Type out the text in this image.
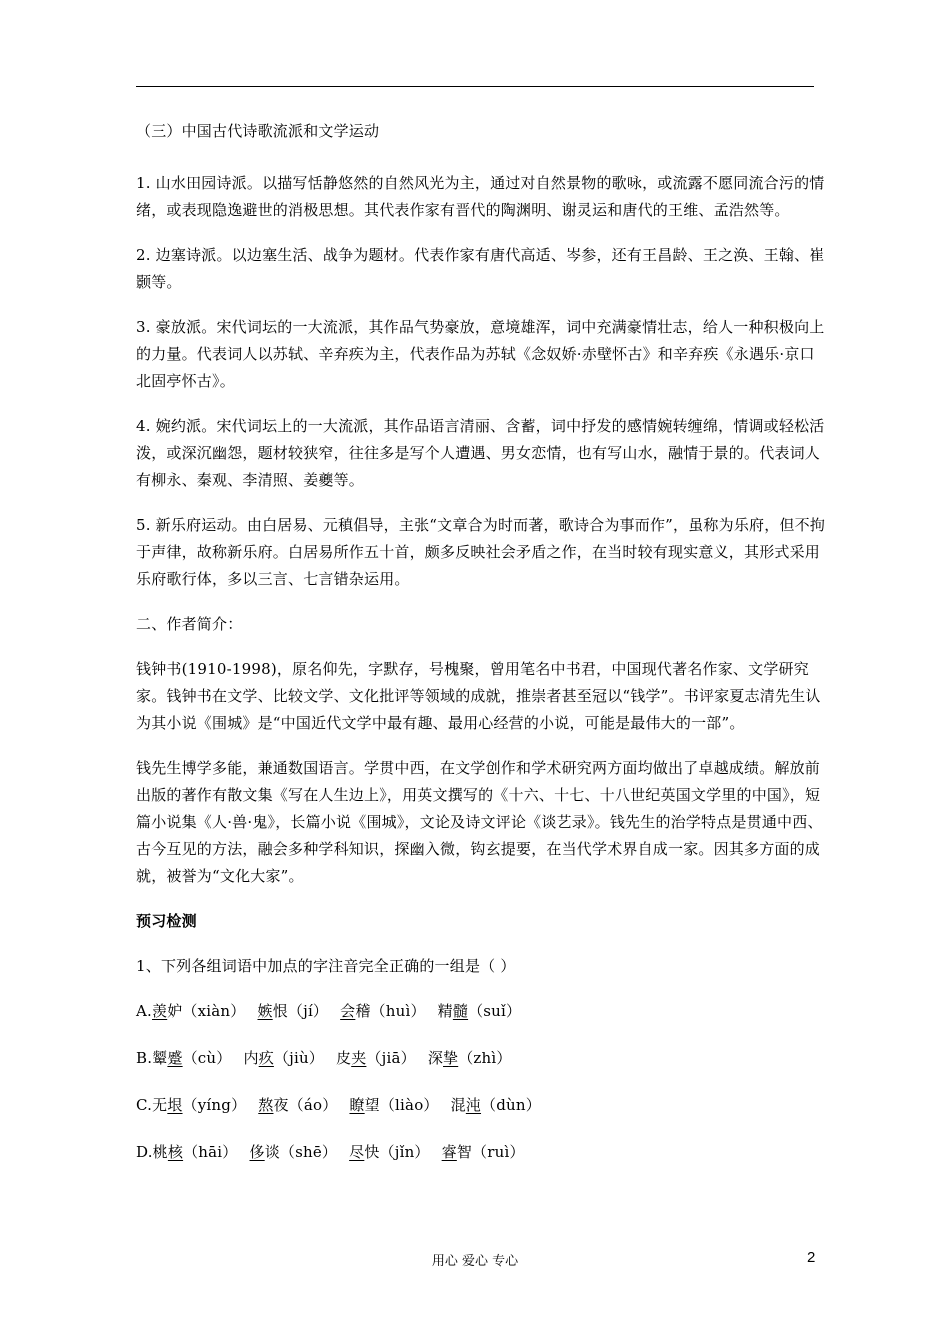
（三）中国古代诗歌流派和文学运动

1. 山水田园诗派。以描写恬静悠然的自然风光为主，通过对自然景物的歌咏，或流露不愿同流合污的情绪，或表现隐逸避世的消极思想。其代表作家有晋代的陶渊明、谢灵运和唐代的王维、孟浩然等。

2. 边塞诗派。以边塞生活、战争为题材。代表作家有唐代高适、岑参，还有王昌龄、王之涣、王翰、崔颢等。

3. 豪放派。宋代词坛的一大流派，其作品气势豪放，意境雄浑，词中充满豪情壮志，给人一种积极向上的力量。代表词人以苏轼、辛弃疾为主，代表作品为苏轼《念奴娇·赤壁怀古》和辛弃疾《永遇乐·京口北固亭怀古》。

4. 婉约派。宋代词坛上的一大流派，其作品语言清丽、含蓄，词中抒发的感情婉转缠绵，情调或轻松活泼，或深沉幽怨，题材较狭窄，往往多是写个人遭遇、男女恋情，也有写山水，融情于景的。代表词人有柳永、秦观、李清照、姜夔等。

5. 新乐府运动。由白居易、元稹倡导，主张“文章合为时而著，歌诗合为事而作”，虽称为乐府，但不拘于声律，故称新乐府。白居易所作五十首，颇多反映社会矛盾之作，在当时较有现实意义，其形式采用乐府歌行体，多以三言、七言错杂运用。

二、作者简介：

钱钟书(1910-1998)，原名仰先，字默存，号槐聚，曾用笔名中书君，中国现代著名作家、文学研究家。钱钟书在文学、比较文学、文化批评等领域的成就，推崇者甚至冠以“钱学”。书评家夏志清先生认为其小说《围城》是“中国近代文学中最有趣、最用心经营的小说，可能是最伟大的一部”。

钱先生博学多能，兼通数国语言。学贯中西，在文学创作和学术研究两方面均做出了卓越成绩。解放前出版的著作有散文集《写在人生边上》，用英文撰写的《十六、十七、十八世纪英国文学里的中国》，短篇小说集《人·兽·鬼》，长篇小说《围城》，文论及诗文评论《谈艺录》。钱先生的治学特点是贯通中西、古今互见的方法，融会多种学科知识，探幽入微，钩玄提要，在当代学术界自成一家。因其多方面的成就，被誉为“文化大家”。

预习检测

1、下列各组词语中加点的字注音完全正确的一组是（ ）

A.羡妒（xiàn） 嫉恨（jí） 会稽（huì） 精髓（suǐ）

B.颦蹙（cù） 内疚（jiù） 皮夹（jiā） 深挚（zhì）

C.无垠（yíng） 熬夜（áo） 瞭望（liào） 混沌（dùn）

D.桃核（hāi） 侈谈（shē） 尽快（jǐn） 睿智（ruì）

用心 爱心 专心	2
